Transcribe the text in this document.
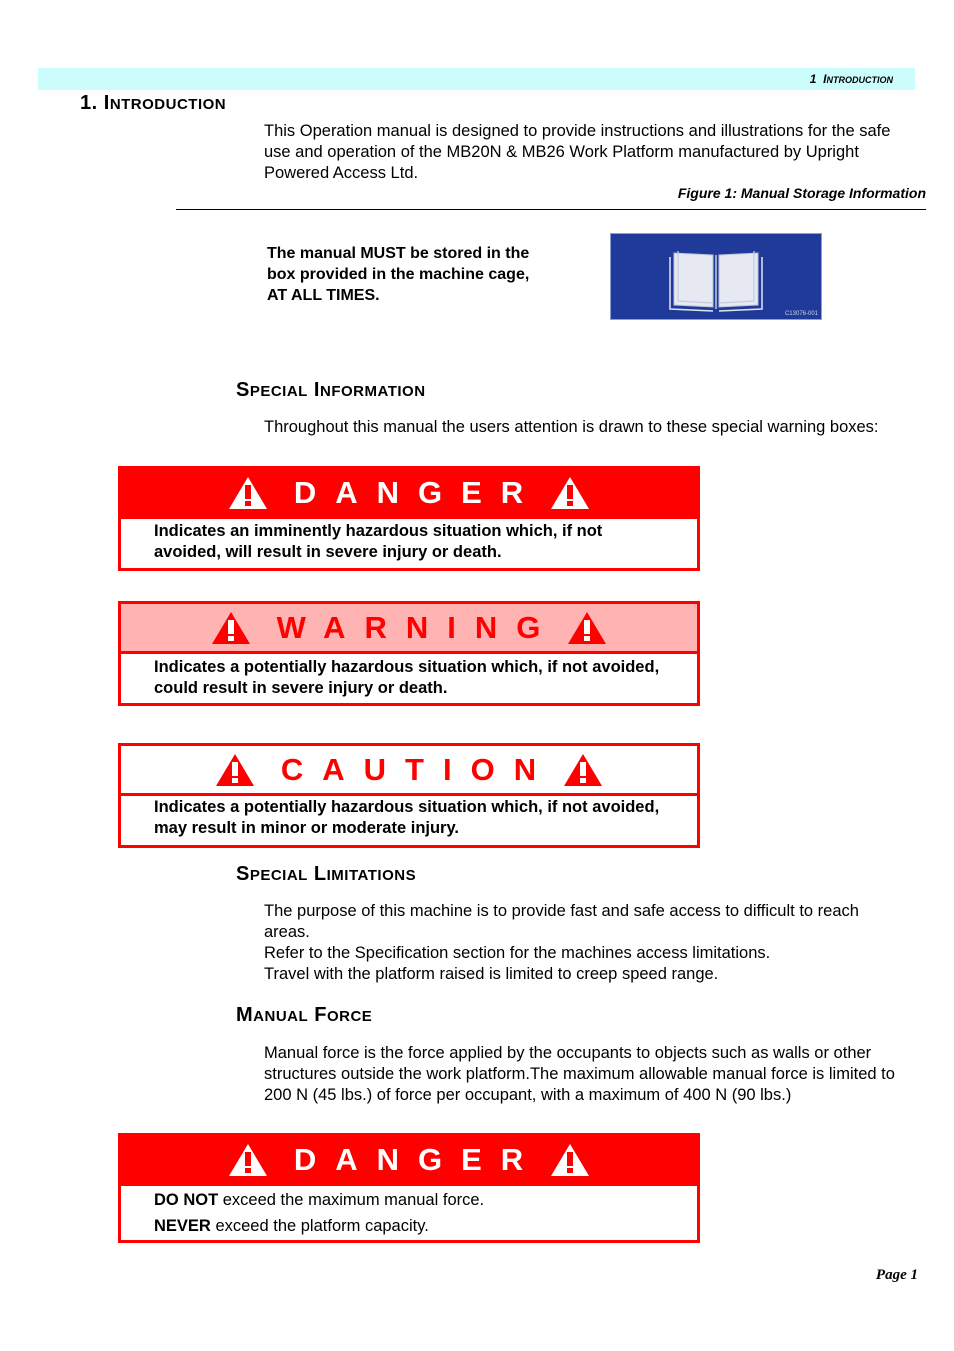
1 INTRODUCTION
1. INTRODUCTION
This Operation manual is designed to provide instructions and illustrations for the safe
use and operation of the MB20N & MB26 Work Platform manufactured by Upright
Powered Access Ltd.
Figure 1: Manual Storage Information
The manual MUST be stored in the
box provided in the machine cage,
AT ALL TIMES.
C13076-001
SPECIAL INFORMATION
Throughout this manual the users attention is drawn to these special warning boxes:
DANGER
Indicates an imminently hazardous situation which, if not
avoided, will result in severe injury or death.
WARNING
Indicates a potentially hazardous situation which, if not avoided,
could result in severe injury or death.
CAUTION
Indicates a potentially hazardous situation which, if not avoided,
may result in minor or moderate injury.
SPECIAL LIMITATIONS
The purpose of this machine is to provide fast and safe access to difficult to reach
areas.
Refer to the Specification section for the machines access limitations.
Travel with the platform raised is limited to creep speed range.
MANUAL FORCE
Manual force is the force applied by the occupants to objects such as walls or other
structures outside the work platform.The maximum allowable manual force is limited to
200 N (45 lbs.) of force per occupant, with a maximum of 400 N (90 lbs.)
DANGER
DO NOT exceed the maximum manual force.
NEVER exceed the platform capacity.
Page 1
